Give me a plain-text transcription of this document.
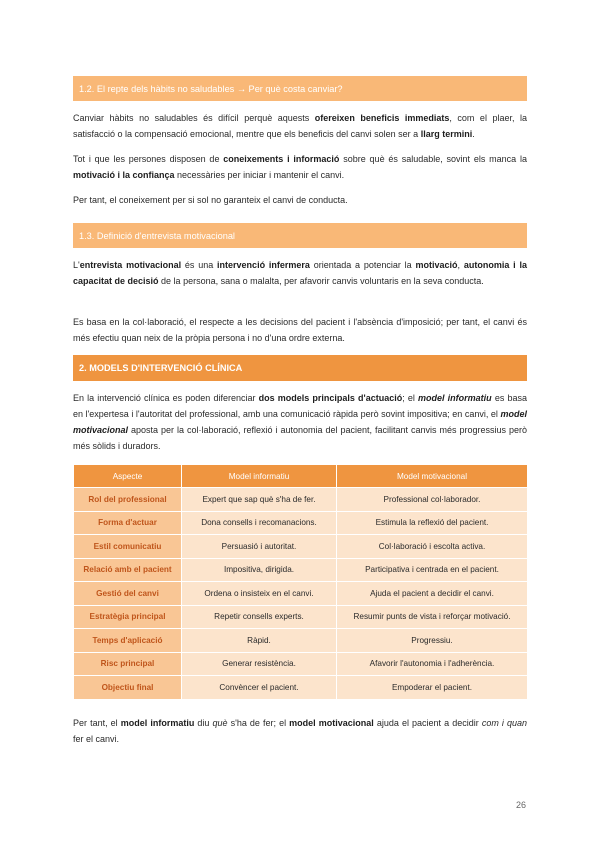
1.2. El repte dels hàbits no saludables → Per què costa canviar?

Canviar hàbits no saludables és difícil perquè aquests ofereixen beneficis immediats, com el plaer, la satisfacció o la compensació emocional, mentre que els beneficis del canvi solen ser a llarg termini.

Tot i que les persones disposen de coneixements i informació sobre què és saludable, sovint els manca la motivació i la confiança necessàries per iniciar i mantenir el canvi.

Per tant, el coneixement per si sol no garanteix el canvi de conducta.

1.3. Definició d'entrevista motivacional

L'entrevista motivacional és una intervenció infermera orientada a potenciar la motivació, autonomia i la capacitat de decisió de la persona, sana o malalta, per afavorir canvis voluntaris en la seva conducta.

Es basa en la col·laboració, el respecte a les decisions del pacient i l'absència d'imposició; per tant, el canvi és més efectiu quan neix de la pròpia persona i no d'una ordre externa.

2. MODELS D'INTERVENCIÓ CLÍNICA

En la intervenció clínica es poden diferenciar dos models principals d'actuació; el model informatiu es basa en l'expertesa i l'autoritat del professional, amb una comunicació ràpida però sovint impositiva; en canvi, el model motivacional aposta per la col·laboració, reflexió i autonomia del pacient, facilitant canvis més progressius però més sòlids i duradors.

Aspecte	Model informatiu	Model motivacional
Rol del professional	Expert que sap què s'ha de fer.	Professional col·laborador.
Forma d'actuar	Dona consells i recomanacions.	Estimula la reflexió del pacient.
Estil comunicatiu	Persuasió i autoritat.	Col·laboració i escolta activa.
Relació amb el pacient	Impositiva, dirigida.	Participativa i centrada en el pacient.
Gestió del canvi	Ordena o insisteix en el canvi.	Ajuda el pacient a decidir el canvi.
Estratègia principal	Repetir consells experts.	Resumir punts de vista i reforçar motivació.
Temps d'aplicació	Ràpid.	Progressiu.
Risc principal	Generar resistència.	Afavorir l'autonomia i l'adherència.
Objectiu final	Convèncer el pacient.	Empoderar el pacient.

Per tant, el model informatiu diu què s'ha de fer; el model motivacional ajuda el pacient a decidir com i quan fer el canvi.

26
